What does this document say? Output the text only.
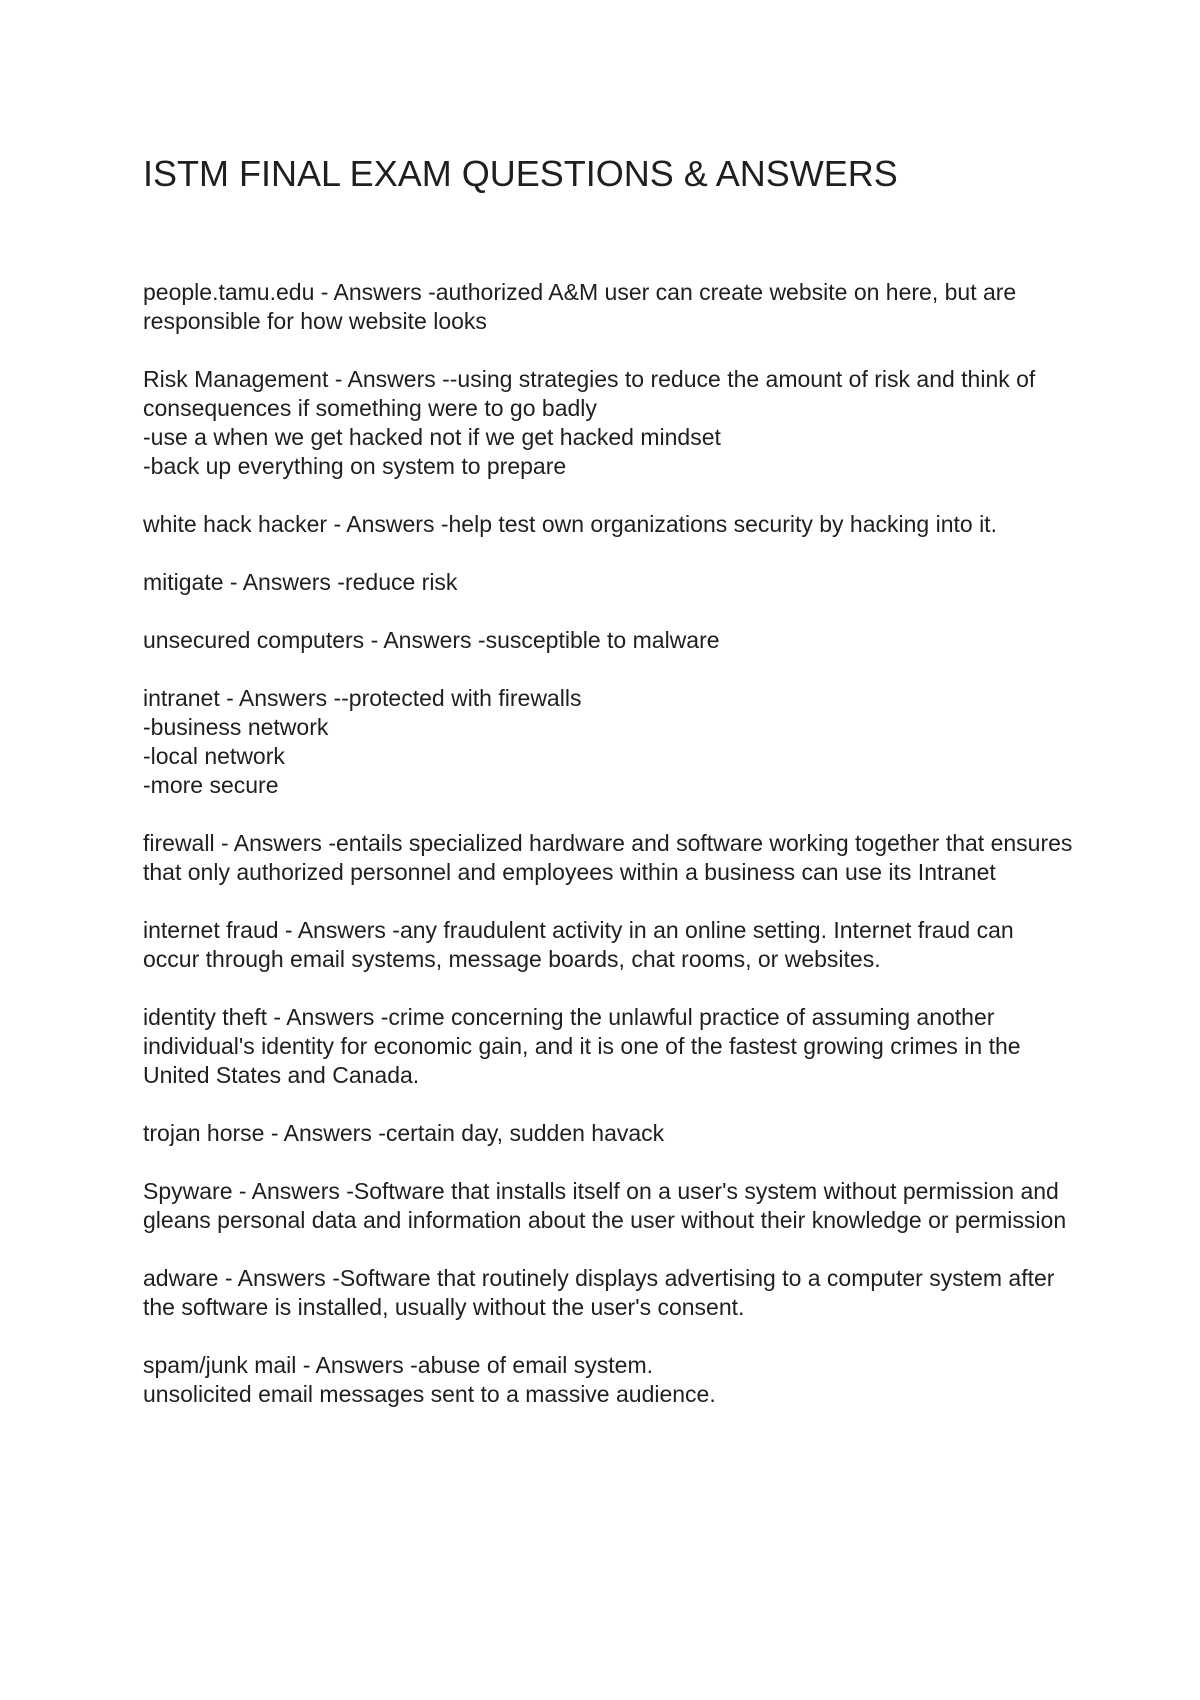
ISTM FINAL EXAM QUESTIONS & ANSWERS

people.tamu.edu - Answers -authorized A&M user can create website on here, but are responsible for how website looks

Risk Management - Answers --using strategies to reduce the amount of risk and think of consequences if something were to go badly
-use a when we get hacked not if we get hacked mindset
-back up everything on system to prepare

white hack hacker - Answers -help test own organizations security by hacking into it.

mitigate - Answers -reduce risk

unsecured computers - Answers -susceptible to malware

intranet - Answers --protected with firewalls
-business network
-local network
-more secure

firewall - Answers -entails specialized hardware and software working together that ensures that only authorized personnel and employees within a business can use its Intranet

internet fraud - Answers -any fraudulent activity in an online setting. Internet fraud can occur through email systems, message boards, chat rooms, or websites.

identity theft - Answers -crime concerning the unlawful practice of assuming another individual's identity for economic gain, and it is one of the fastest growing crimes in the United States and Canada.

trojan horse - Answers -certain day, sudden havack

Spyware - Answers -Software that installs itself on a user's system without permission and gleans personal data and information about the user without their knowledge or permission

adware - Answers -Software that routinely displays advertising to a computer system after the software is installed, usually without the user's consent.

spam/junk mail - Answers -abuse of email system.
unsolicited email messages sent to a massive audience.
